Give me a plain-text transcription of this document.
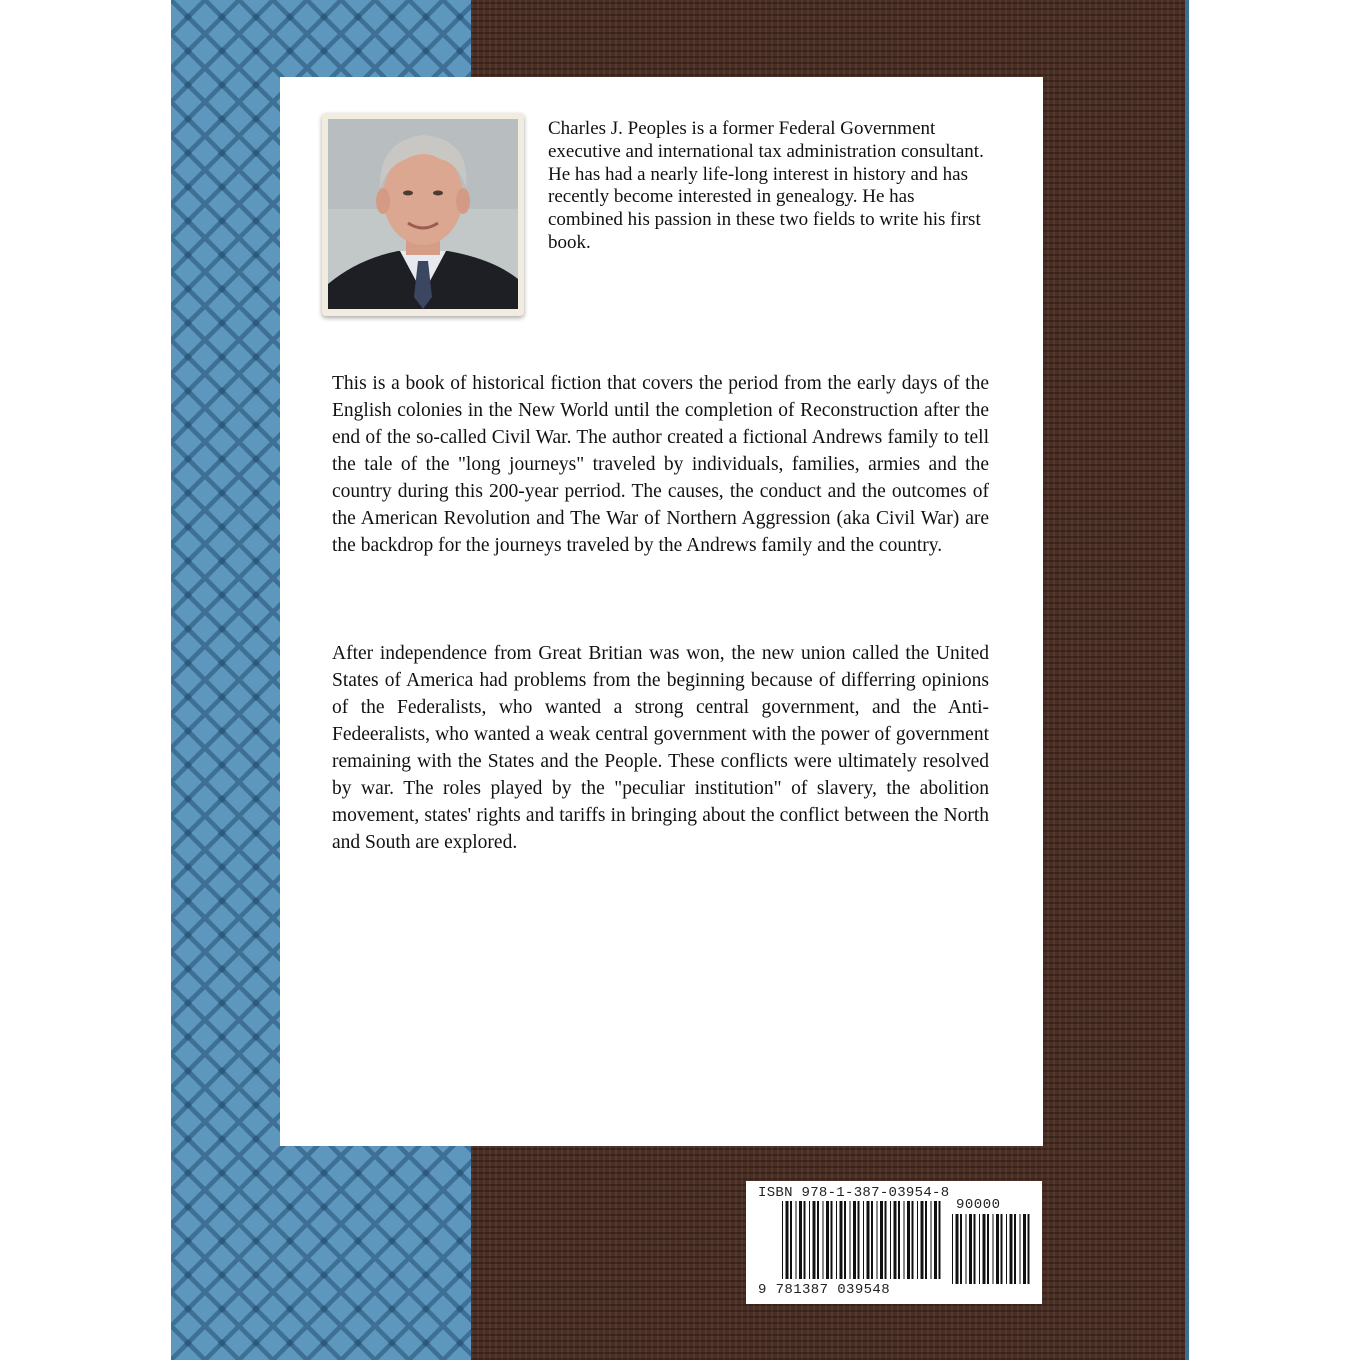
Charles J. Peoples is a former Federal Government executive and international tax administration consultant. He has had a nearly life-long interest in history and has recently become interested in genealogy. He has combined his passion in these two fields to write his first book.

This is a book of historical fiction that covers the period from the early days of the English colonies in the New World until the completion of Reconstruction after the end of the so-called Civil War. The author created a fictional Andrews family to tell the tale of the "long journeys" traveled by individuals, families, armies and the country during this 200-year perriod. The causes, the conduct and the outcomes of the American Revolution and The War of Northern Aggression (aka Civil War) are the backdrop for the journeys traveled by the Andrews family and the country.

After independence from Great Britian was won, the new union called the United States of America had problems from the beginning because of differring opinions of the Federalists, who wanted a strong central government, and the Anti-Fedeeralists, who wanted a weak central government with the power of government remaining with the States and the People. These conflicts were ultimately resolved by war. The roles played by the "peculiar institution" of slavery, the abolition movement, states' rights and tariffs in bringing about the conflict between the North and South are explored.

ISBN 978-1-387-03954-8
90000
9 781387 039548
